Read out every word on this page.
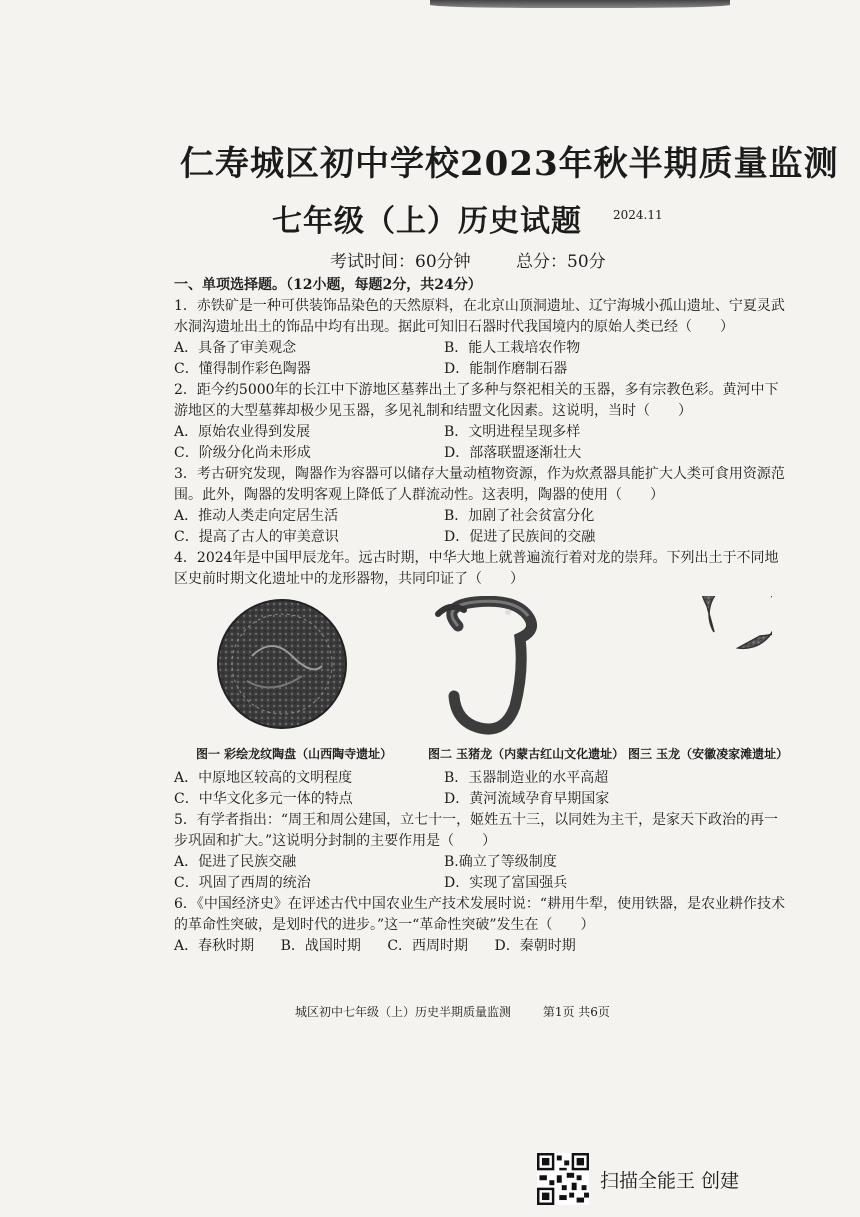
仁寿城区初中学校2023年秋半期质量监测
七年级（上）历史试题	2024.11
考试时间：60分钟	总分：50分

一、单项选择题。（12小题，每题2分，共24分）

1．赤铁矿是一种可供装饰品染色的天然原料，在北京山顶洞遗址、辽宁海城小孤山遗址、宁夏灵武水洞沟遗址出土的饰品中均有出现。据此可知旧石器时代我国境内的原始人类已经（　　）

A．具备了审美观念	B．能人工栽培农作物
C．懂得制作彩色陶器	D．能制作磨制石器

2．距今约5000年的长江中下游地区墓葬出土了多种与祭祀相关的玉器，多有宗教色彩。黄河中下游地区的大型墓葬却极少见玉器，多见礼制和结盟文化因素。这说明，当时（　　）

A．原始农业得到发展	B．文明进程呈现多样
C．阶级分化尚未形成	D．部落联盟逐渐壮大

3．考古研究发现，陶器作为容器可以储存大量动植物资源，作为炊煮器具能扩大人类可食用资源范围。此外，陶器的发明客观上降低了人群流动性。这表明，陶器的使用（　　）

A．推动人类走向定居生活	B．加剧了社会贫富分化
C．提高了古人的审美意识	D．促进了民族间的交融

4．2024年是中国甲辰龙年。远古时期，中华大地上就普遍流行着对龙的崇拜。下列出土于不同地区史前时期文化遗址中的龙形器物，共同印证了（　　）

图一 彩绘龙纹陶盘（山西陶寺遗址）	图二 玉猪龙（内蒙古红山文化遗址） 图三 玉龙（安徽凌家滩遗址）
A．中原地区较高的文明程度	B．玉器制造业的水平高超
C．中华文化多元一体的特点	D．黄河流域孕育早期国家

5．有学者指出：“周王和周公建国，立七十一，姬姓五十三，以同姓为主干，是家天下政治的再一步巩固和扩大。”这说明分封制的主要作用是（　　）

A．促进了民族交融	B.确立了等级制度
C．巩固了西周的统治	D．实现了富国强兵

6．《中国经济史》在评述古代中国农业生产技术发展时说：“耕用牛犁，使用铁器，是农业耕作技术的革命性突破，是划时代的进步。”这一“革命性突破”发生在（　　）

A．春秋时期 B．战国时期 C．西周时期 D．秦朝时期
城区初中七年级（上）历史半期质量监测	第1页 共6页
扫描全能王 创建
